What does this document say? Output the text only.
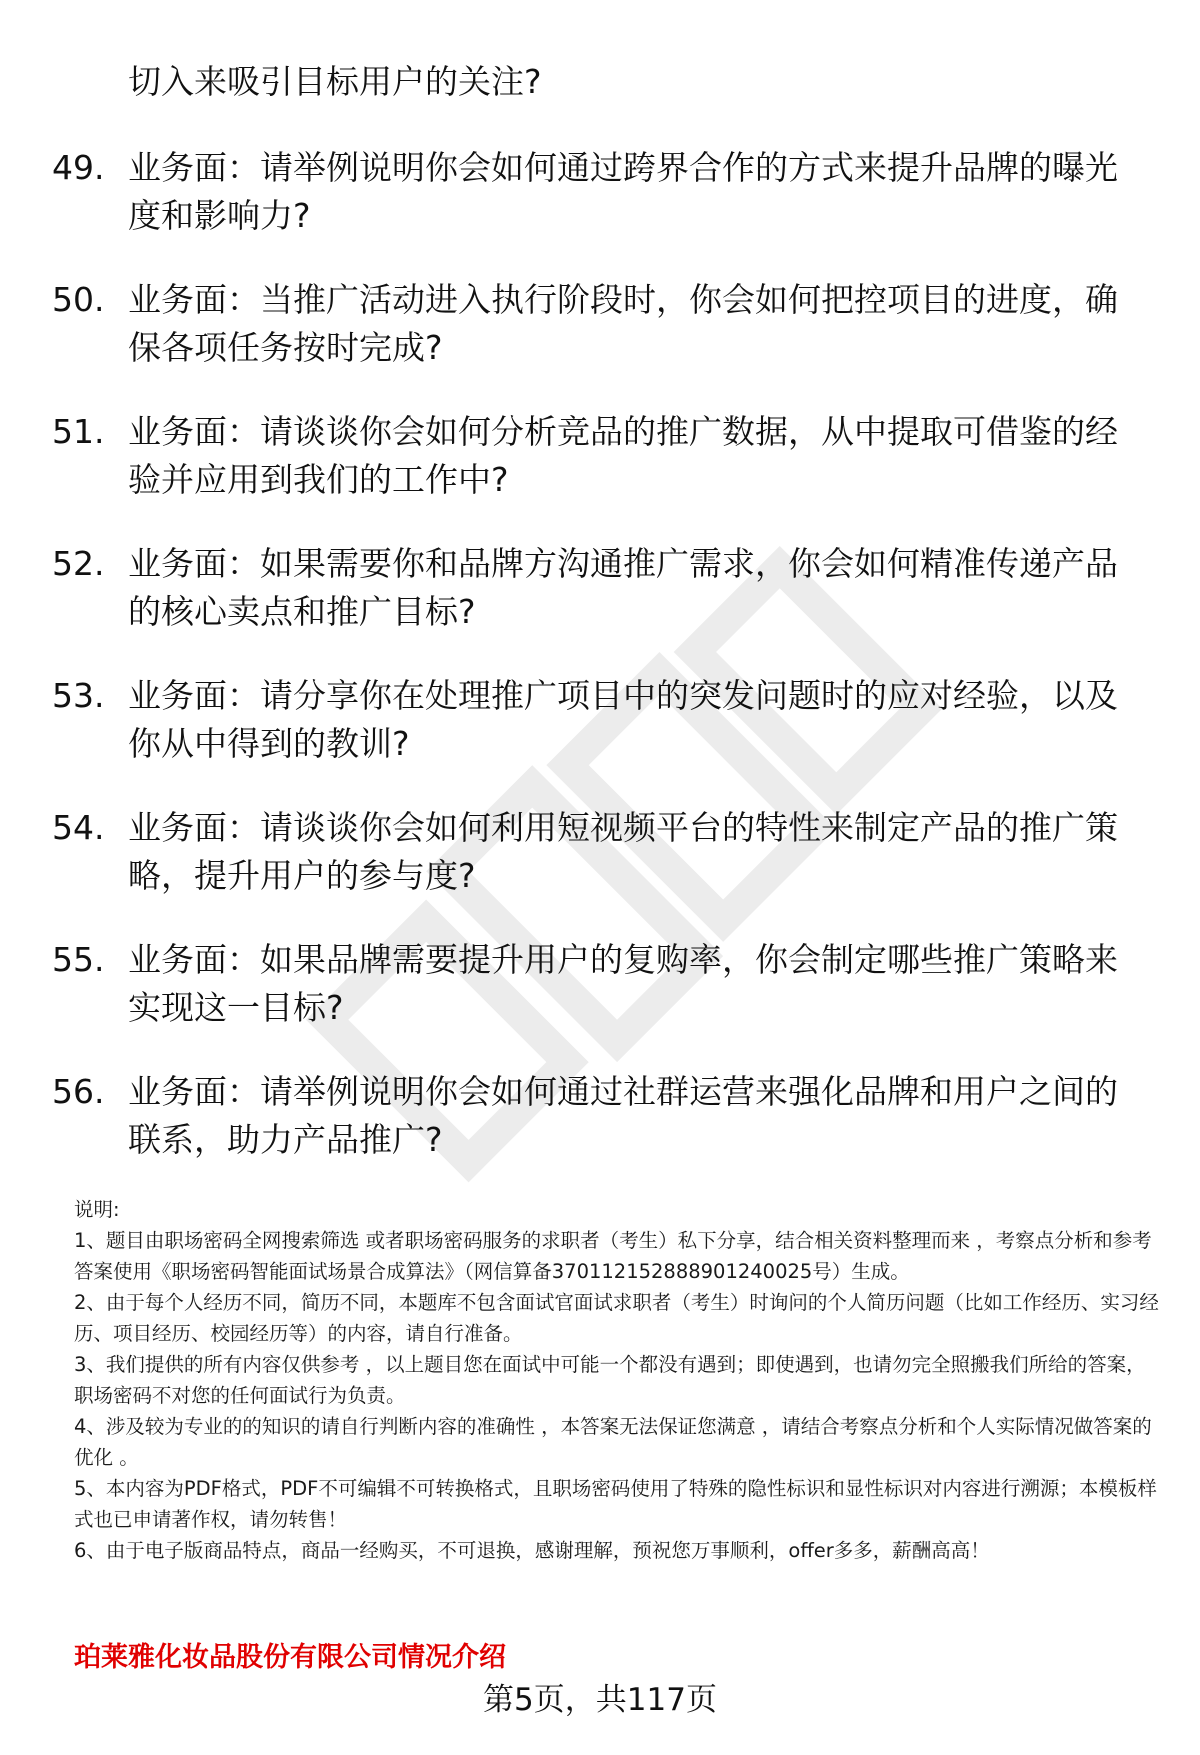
切入来吸引目标用户的关注?

49. 业务面：请举例说明你会如何通过跨界合作的方式来提升品牌的曝光度和影响力?
50. 业务面：当推广活动进入执行阶段时，你会如何把控项目的进度，确保各项任务按时完成?
51. 业务面：请谈谈你会如何分析竞品的推广数据，从中提取可借鉴的经验并应用到我们的工作中?
52. 业务面：如果需要你和品牌方沟通推广需求，你会如何精准传递产品的核心卖点和推广目标?
53. 业务面：请分享你在处理推广项目中的突发问题时的应对经验，以及你从中得到的教训?
54. 业务面：请谈谈你会如何利用短视频平台的特性来制定产品的推广策略，提升用户的参与度?
55. 业务面：如果品牌需要提升用户的复购率，你会制定哪些推广策略来实现这一目标?
56. 业务面：请举例说明你会如何通过社群运营来强化品牌和用户之间的联系，助力产品推广?

说明:

1、题目由职场密码全网搜索筛选 或者职场密码服务的求职者（考生）私下分享，结合相关资料整理而来 ，考察点分析和参考答案使用《职场密码智能面试场景合成算法》（网信算备3701121528889012400​25号）生成。

2、由于每个人经历不同，简历不同，本题库不包含面试官面试求职者（考生）时询问的个人简历问题（比如工作经历、实习经历、项目经历、校园经历等）的内容，请自行准备。

3、我们提供的所有内容仅供参考 ，以上题目您在面试中可能一个都没有遇到；即使遇到，也请勿完全照搬我们所给的答案，职场密码不对您的任何面试行为负责。

4、涉及较为专业的的知识的请自行判断内容的准确性 ，本答案无法保证您满意 ，请结合考察点分析和个人实际情况做答案的优化 。

5、本内容为PDF格式，PDF不可编辑不可转换格式，且职场密码使用了特殊的隐性标识和显性标识对内容进行溯源；本模板样式也已申请著作权，请勿转售！

6、由于电子版商品特点，商品一经购买，不可退换，感谢理解，预祝您万事顺利，offer多多，薪酬高高！

珀莱雅化妆品股份有限公司情况介绍

第5页，共117页
